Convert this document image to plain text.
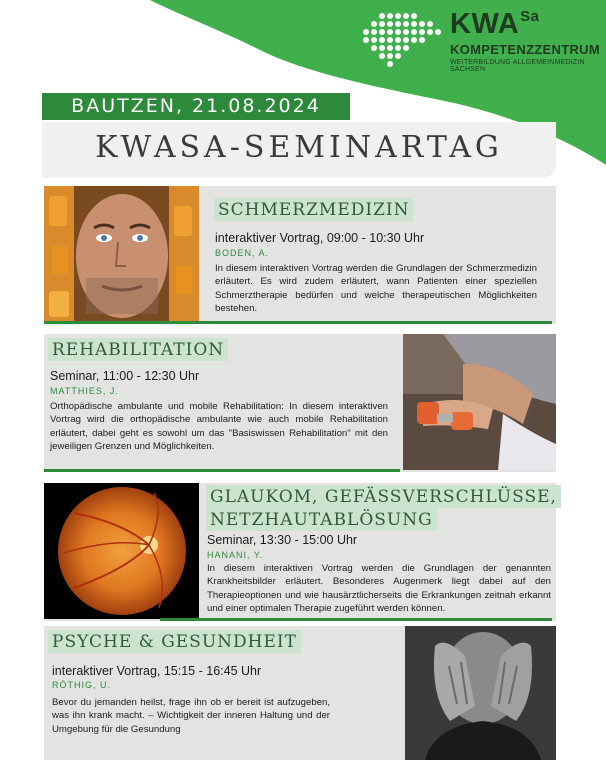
$KWA^{Sa}$
KOMPETENZZENTRUM
WEITERBILDUNG ALLGEMEINMEDIZIN SACHSEN
BAUTZEN, 21.08.2024
KWASA-SEMINARTAG
SCHMERZMEDIZIN
interaktiver Vortrag, 09:00 - 10:30 Uhr
BODEN, A.
In diesem interaktiven Vortrag werden die Grundlagen der Schmerzmedizin erläutert. Es wird zudem erläutert, wann Patienten einer speziellen Schmerztherapie bedürfen und welche therapeutischen Möglichkeiten bestehen.
REHABILITATION
Seminar, 11:00 - 12:30 Uhr
MATTHIES, J.
Orthopädische ambulante und mobile Rehabilitation: In diesem interaktiven Vortrag wird die orthopädische ambulante wie auch mobile Rehabilitation erläutert, dabei geht es sowohl um das "Basiswissen Rehabilitation" mit den jeweiligen Grenzen und Möglichkeiten.
GLAUKOM, GEFÄSSVERSCHLÜSSE,
NETZHAUTABLÖSUNG
Seminar, 13:30 - 15:00 Uhr
HANANI, Y.
In diesem interaktiven Vortrag werden die Grundlagen der genannten Krankheitsbilder erläutert. Besonderes Augenmerk liegt dabei auf den Therapieoptionen und wie hausärztlicherseits die Erkrankungen zeitnah erkannt und einer optimalen Therapie zugeführt werden können.
PSYCHE & GESUNDHEIT
interaktiver Vortrag, 15:15 - 16:45 Uhr
RÖTHIG, U.
Bevor du jemanden heilst, frage ihn ob er bereit ist aufzugeben, was ihn krank macht. – Wichtigkeit der inneren Haltung und der Umgebung für die Gesundung
